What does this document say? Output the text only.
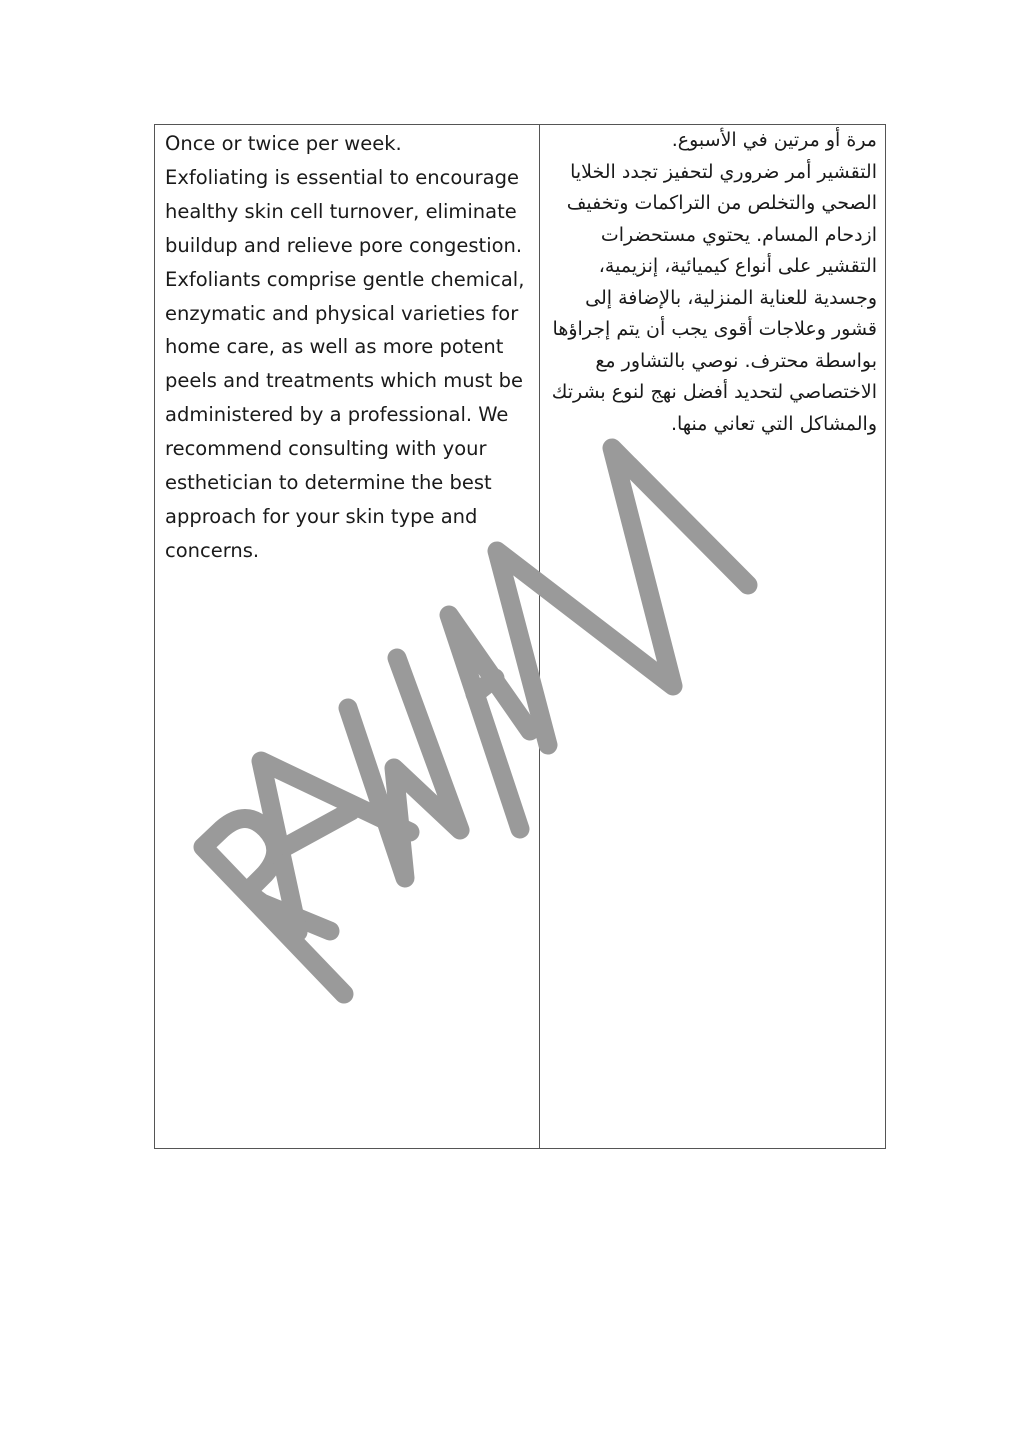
Once or twice per week.

Exfoliating is essential to encourage healthy skin cell turnover, eliminate buildup and relieve pore congestion. Exfoliants comprise gentle chemical, enzymatic and physical varieties for home care, as well as more potent peels and treatments which must be administered by a professional. We recommend consulting with your esthetician to determine the best approach for your skin type and concerns.

مرة أو مرتين في الأسبوع.

التقشير أمر ضروري لتحفيز تجدد الخلايا الصحي والتخلص من التراكمات وتخفيف ازدحام المسام. يحتوي مستحضرات التقشير على أنواع كيميائية، إنزيمية، وجسدية للعناية المنزلية، بالإضافة إلى قشور وعلاجات أقوى يجب أن يتم إجراؤها بواسطة محترف. نوصي بالتشاور مع الاختصاصي لتحديد أفضل نهج لنوع بشرتك والمشاكل التي تعاني منها.
